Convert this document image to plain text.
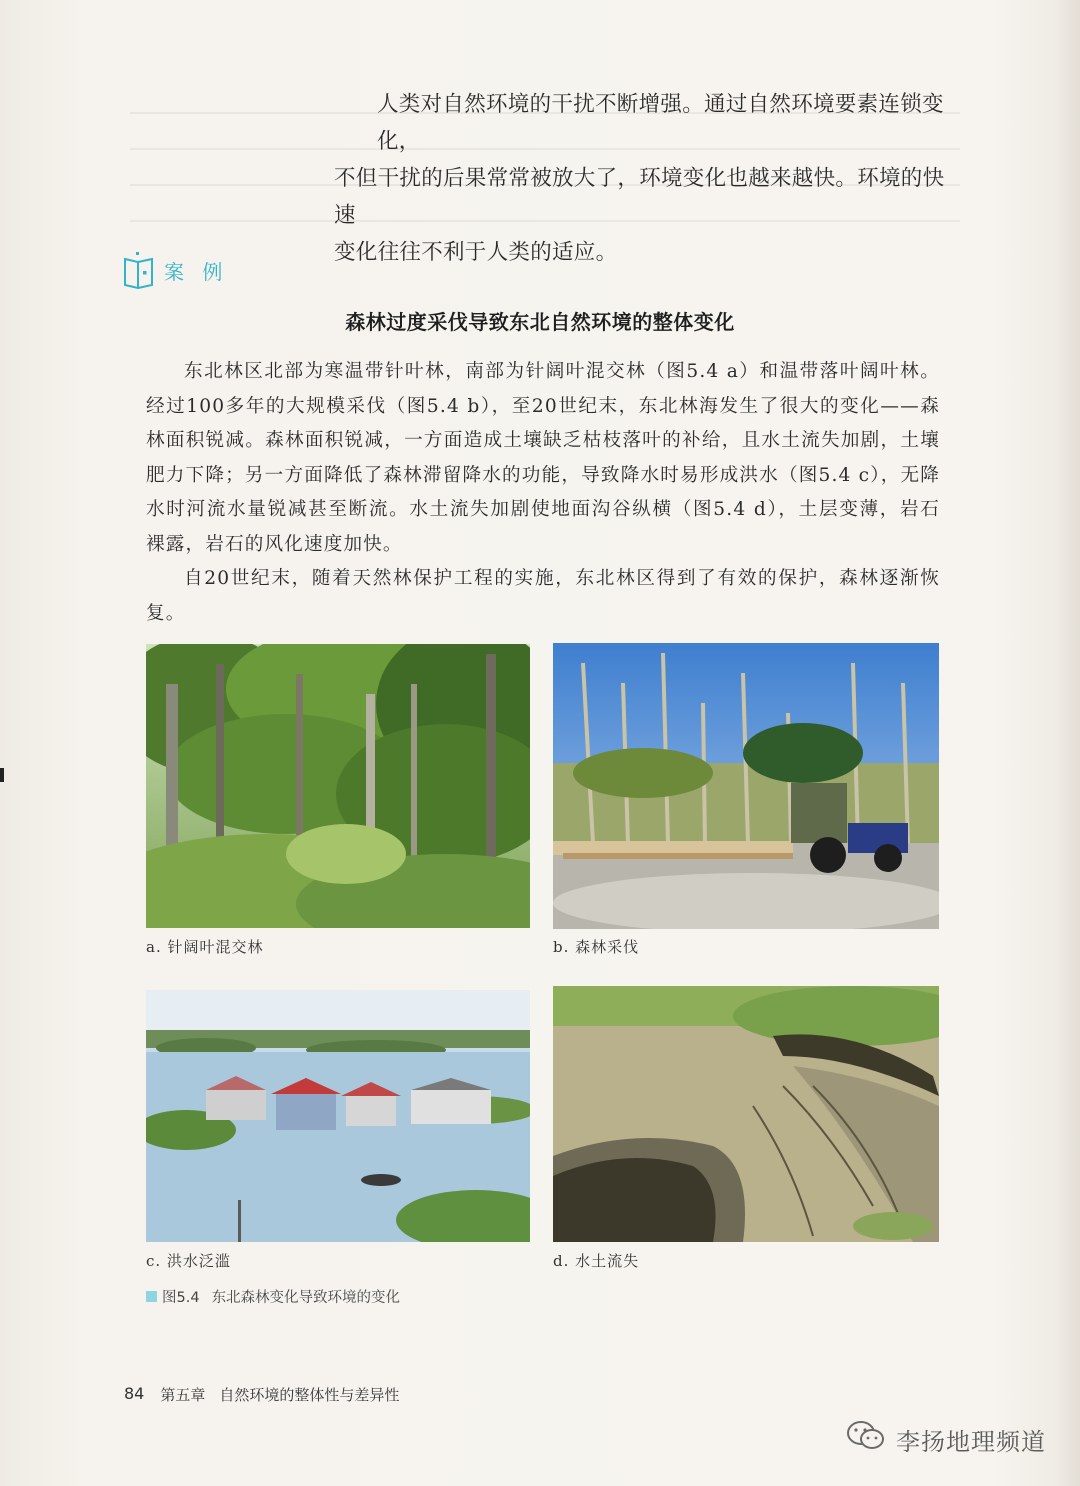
人类对自然环境的干扰不断增强。通过自然环境要素连锁变化，

不但干扰的后果常常被放大了，环境变化也越来越快。环境的快速

变化往往不利于人类的适应。

案 例
森林过度采伐导致东北自然环境的整体变化

东北林区北部为寒温带针叶林，南部为针阔叶混交林（图5.4 a）和温带落叶阔叶林。经过100多年的大规模采伐（图5.4 b），至20世纪末，东北林海发生了很大的变化——森林面积锐减。森林面积锐减，一方面造成土壤缺乏枯枝落叶的补给，且水土流失加剧，土壤肥力下降；另一方面降低了森林滞留降水的功能，导致降水时易形成洪水（图5.4 c），无降水时河流水量锐减甚至断流。水土流失加剧使地面沟谷纵横（图5.4 d），土层变薄，岩石裸露，岩石的风化速度加快。

自20世纪末，随着天然林保护工程的实施，东北林区得到了有效的保护，森林逐渐恢复。

a. 针阔叶混交林	b. 森林采伐
c. 洪水泛滥	d. 水土流失
图5.4 东北森林变化导致环境的变化
84 第五章 自然环境的整体性与差异性
李扬地理频道
